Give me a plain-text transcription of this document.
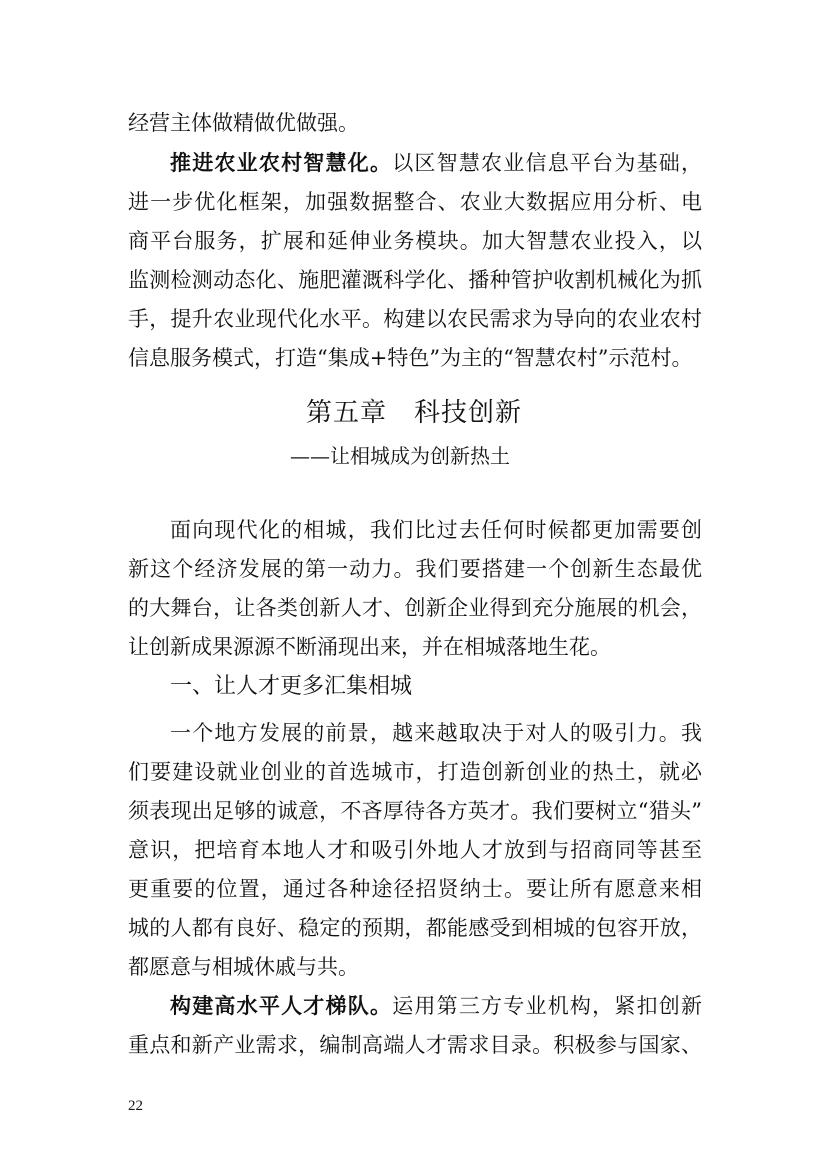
经营主体做精做优做强。
推进农业农村智慧化。以区智慧农业信息平台为基础，
进一步优化框架，加强数据整合、农业大数据应用分析、电
商平台服务，扩展和延伸业务模块。加大智慧农业投入，以
监测检测动态化、施肥灌溉科学化、播种管护收割机械化为抓
手，提升农业现代化水平。构建以农民需求为导向的农业农村
信息服务模式，打造“集成+特色”为主的“智慧农村”示范村。
第五章　科技创新
——让相城成为创新热土
面向现代化的相城，我们比过去任何时候都更加需要创
新这个经济发展的第一动力。我们要搭建一个创新生态最优
的大舞台，让各类创新人才、创新企业得到充分施展的机会，
让创新成果源源不断涌现出来，并在相城落地生花。
一、让人才更多汇集相城
一个地方发展的前景，越来越取决于对人的吸引力。我
们要建设就业创业的首选城市，打造创新创业的热土，就必
须表现出足够的诚意，不吝厚待各方英才。我们要树立“猎头”
意识，把培育本地人才和吸引外地人才放到与招商同等甚至
更重要的位置，通过各种途径招贤纳士。要让所有愿意来相
城的人都有良好、稳定的预期，都能感受到相城的包容开放，
都愿意与相城休戚与共。
构建高水平人才梯队。运用第三方专业机构，紧扣创新
重点和新产业需求，编制高端人才需求目录。积极参与国家、
22
